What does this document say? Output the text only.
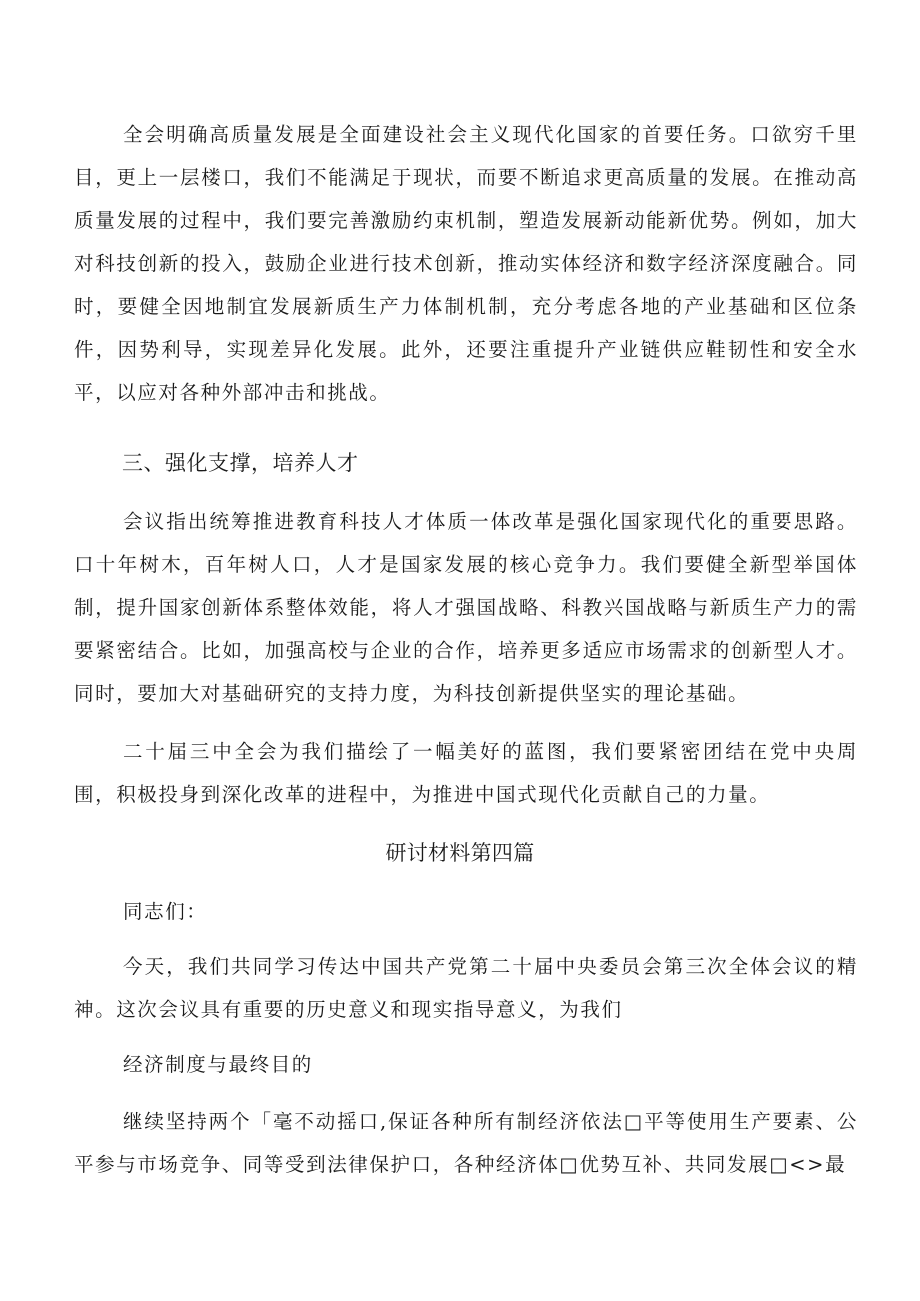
全会明确高质量发展是全面建设社会主义现代化国家的首要任务。口欲穷千里目，更上一层楼口，我们不能满足于现状，而要不断追求更高质量的发展。在推动高质量发展的过程中，我们要完善激励约束机制，塑造发展新动能新优势。例如，加大对科技创新的投入，鼓励企业进行技术创新，推动实体经济和数字经济深度融合。同时，要健全因地制宜发展新质生产力体制机制，充分考虑各地的产业基础和区位条件，因势利导，实现差异化发展。此外，还要注重提升产业链供应鞋韧性和安全水平，以应对各种外部冲击和挑战。

三、强化支撑，培养人才

会议指出统筹推进教育科技人才体质一体改革是强化国家现代化的重要思路。口十年树木，百年树人口，人才是国家发展的核心竞争力。我们要健全新型举国体制，提升国家创新体系整体效能，将人才强国战略、科教兴国战略与新质生产力的需要紧密结合。比如，加强高校与企业的合作，培养更多适应市场需求的创新型人才。同时，要加大对基础研究的支持力度，为科技创新提供坚实的理论基础。

二十届三中全会为我们描绘了一幅美好的蓝图，我们要紧密团结在党中央周围，积极投身到深化改革的进程中，为推进中国式现代化贡献自己的力量。

研讨材料第四篇

同志们：

今天，我们共同学习传达中国共产党第二十届中央委员会第三次全体会议的精神。这次会议具有重要的历史意义和现实指导意义，为我们

经济制度与最终目的

继续坚持两个「毫不动摇口,保证各种所有制经济依法□平等使用生产要素、公平参与市场竞争、同等受到法律保护口，各种经济体□优势互补、共同发展□<>最
